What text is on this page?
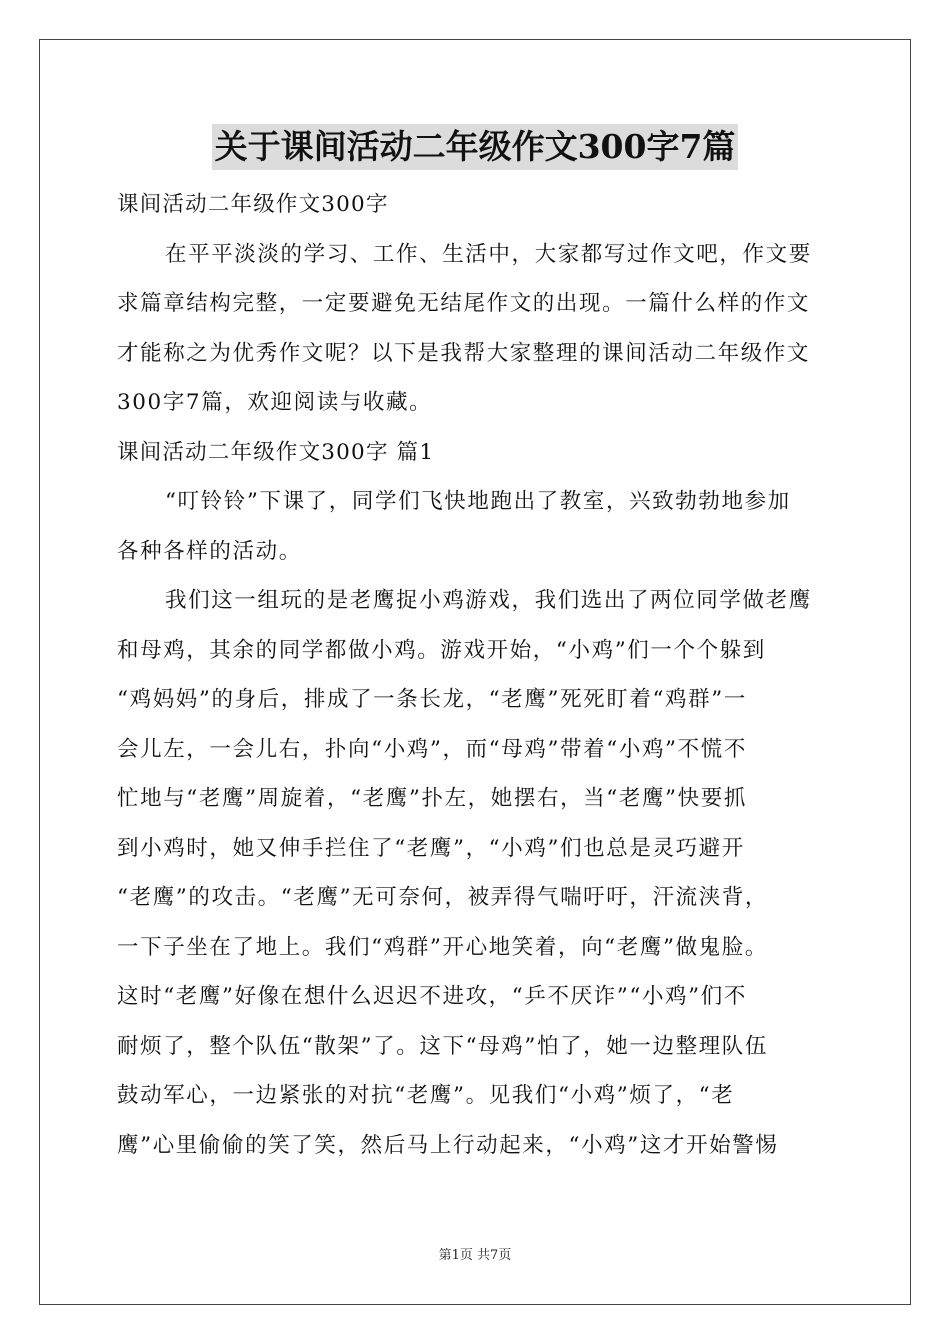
关于课间活动二年级作文300字7篇
课间活动二年级作文300字
在平平淡淡的学习、工作、生活中，大家都写过作文吧，作文要
求篇章结构完整，一定要避免无结尾作文的出现。一篇什么样的作文
才能称之为优秀作文呢？以下是我帮大家整理的课间活动二年级作文
300字7篇，欢迎阅读与收藏。
课间活动二年级作文300字 篇1
“叮铃铃”下课了，同学们飞快地跑出了教室，兴致勃勃地参加
各种各样的活动。
我们这一组玩的是老鹰捉小鸡游戏，我们选出了两位同学做老鹰
和母鸡，其余的同学都做小鸡。游戏开始，“小鸡”们一个个躲到
“鸡妈妈”的身后，排成了一条长龙，“老鹰”死死盯着“鸡群”一
会儿左，一会儿右，扑向“小鸡”，而“母鸡”带着“小鸡”不慌不
忙地与“老鹰”周旋着，“老鹰”扑左，她摆右，当“老鹰”快要抓
到小鸡时，她又伸手拦住了“老鹰”，“小鸡”们也总是灵巧避开
“老鹰”的攻击。“老鹰”无可奈何，被弄得气喘吁吁，汗流浃背，
一下子坐在了地上。我们“鸡群”开心地笑着，向“老鹰”做鬼脸。
这时“老鹰”好像在想什么迟迟不进攻，“乒不厌诈”“小鸡”们不
耐烦了，整个队伍“散架”了。这下“母鸡”怕了，她一边整理队伍
鼓动军心，一边紧张的对抗“老鹰”。见我们“小鸡”烦了，“老
鹰”心里偷偷的笑了笑，然后马上行动起来，“小鸡”这才开始警惕
第1页 共7页
